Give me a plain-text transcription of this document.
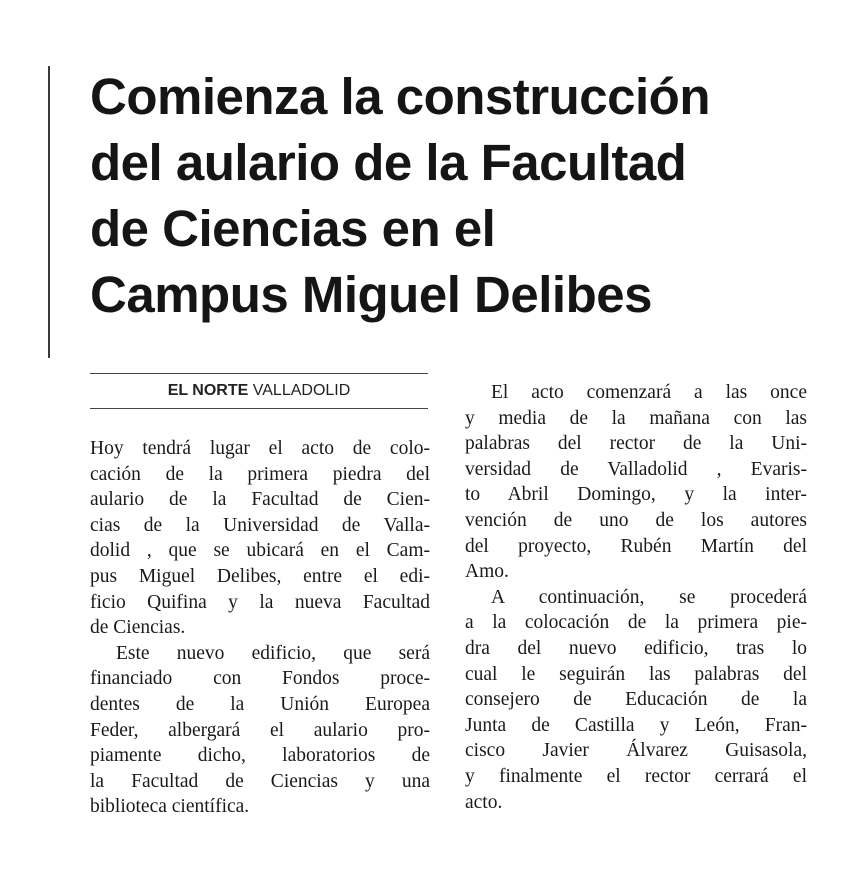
Comienza la construcción
del aulario de la Facultad
de Ciencias en el
Campus Miguel Delibes
EL NORTE VALLADOLID
Hoy tendrá lugar el acto de colo-
cación de la primera piedra del
aulario de la Facultad de Cien-
cias de la Universidad de Valla-
dolid , que se ubicará en el Cam-
pus Miguel Delibes, entre el edi-
ficio Quifina y la nueva Facultad
de Ciencias.
Este nuevo edificio, que será
financiado con Fondos proce-
dentes de la Unión Europea
Feder, albergará el aulario pro-
piamente dicho, laboratorios de
la Facultad de Ciencias y una
biblioteca científica.
El acto comenzará a las once
y media de la mañana con las
palabras del rector de la Uni-
versidad de Valladolid , Evaris-
to Abril Domingo, y la inter-
vención de uno de los autores
del proyecto, Rubén Martín del
Amo.
A continuación, se procederá
a la colocación de la primera pie-
dra del nuevo edificio, tras lo
cual le seguirán las palabras del
consejero de Educación de la
Junta de Castilla y León, Fran-
cisco Javier Álvarez Guisasola,
y finalmente el rector cerrará el
acto.
